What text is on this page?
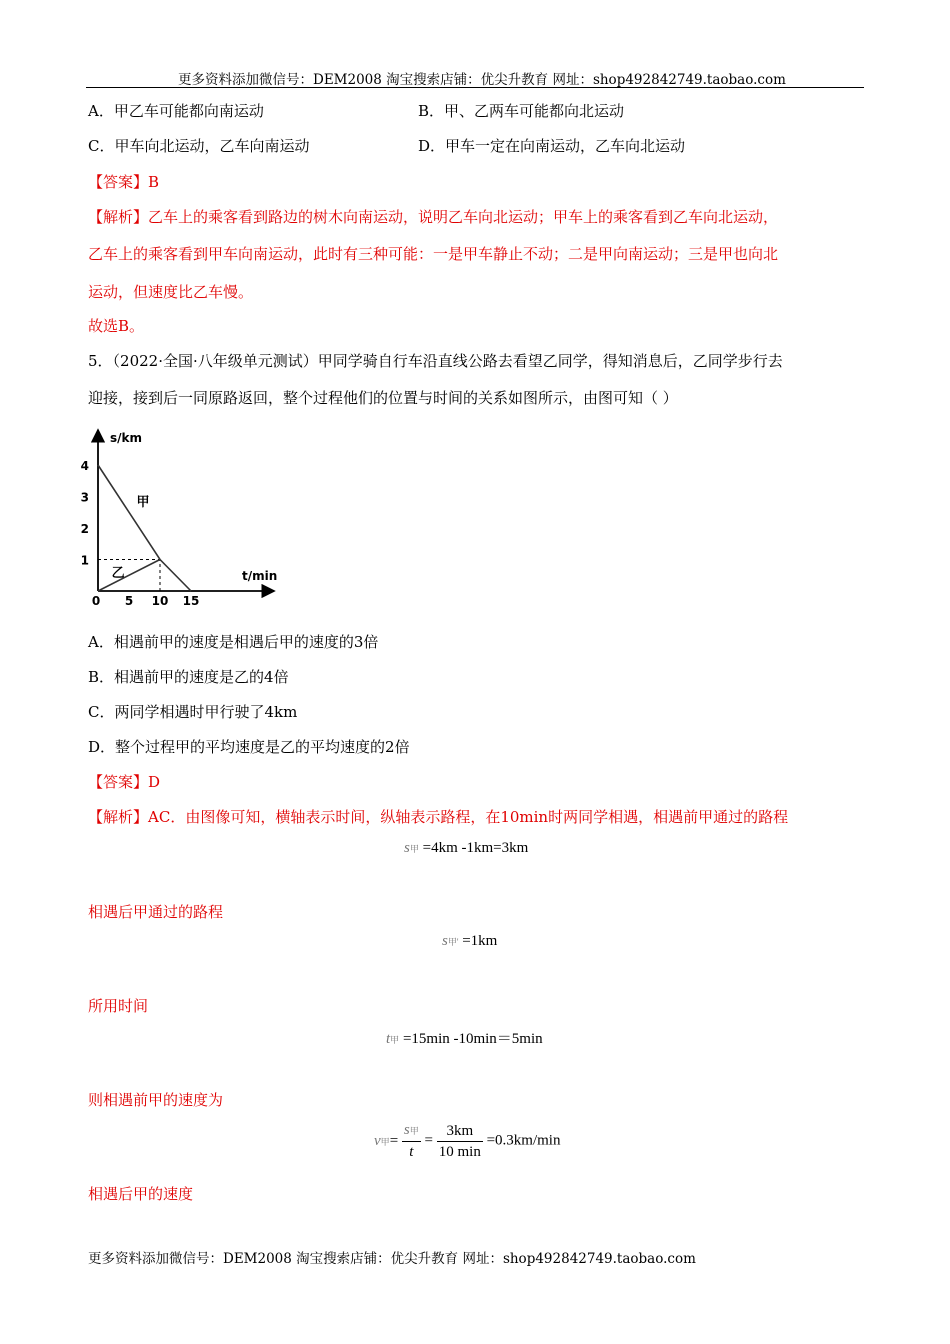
更多资料添加微信号：DEM2008 淘宝搜索店铺：优尖升教育 网址：shop492842749.taobao.com
A．甲乙车可能都向南运动	B．甲、乙两车可能都向北运动
C．甲车向北运动，乙车向南运动	D．甲车一定在向南运动，乙车向北运动
【答案】B
【解析】乙车上的乘客看到路边的树木向南运动，说明乙车向北运动；甲车上的乘客看到乙车向北运动，
乙车上的乘客看到甲车向南运动，此时有三种可能：一是甲车静止不动；二是甲向南运动；三是甲也向北
运动，但速度比乙车慢。
故选B。
5．（2022·全国·八年级单元测试）甲同学骑自行车沿直线公路去看望乙同学，得知消息后，乙同学步行去
迎接，接到后一同原路返回，整个过程他们的位置与时间的关系如图所示，由图可知（ ）
甲
乙
1
2
3
4
0 5 10 15
s/km
t/min
A．相遇前甲的速度是相遇后甲的速度的3倍
B．相遇前甲的速度是乙的4倍
C．两同学相遇时甲行驶了4km
D．整个过程甲的平均速度是乙的平均速度的2倍
【答案】D
【解析】AC．由图像可知，横轴表示时间，纵轴表示路程，在10min时两同学相遇，相遇前甲通过的路程
s甲 =4km -1km=3km
相遇后甲通过的路程
s甲' =1km
所用时间
t甲 =15min -10min＝5min
则相遇前甲的速度为
v甲= $\frac{\text{s甲}}{t} = \frac{3km}{10 \min} =0.3km/\min$
相遇后甲的速度
更多资料添加微信号：DEM2008 淘宝搜索店铺：优尖升教育 网址：shop492842749.taobao.com
